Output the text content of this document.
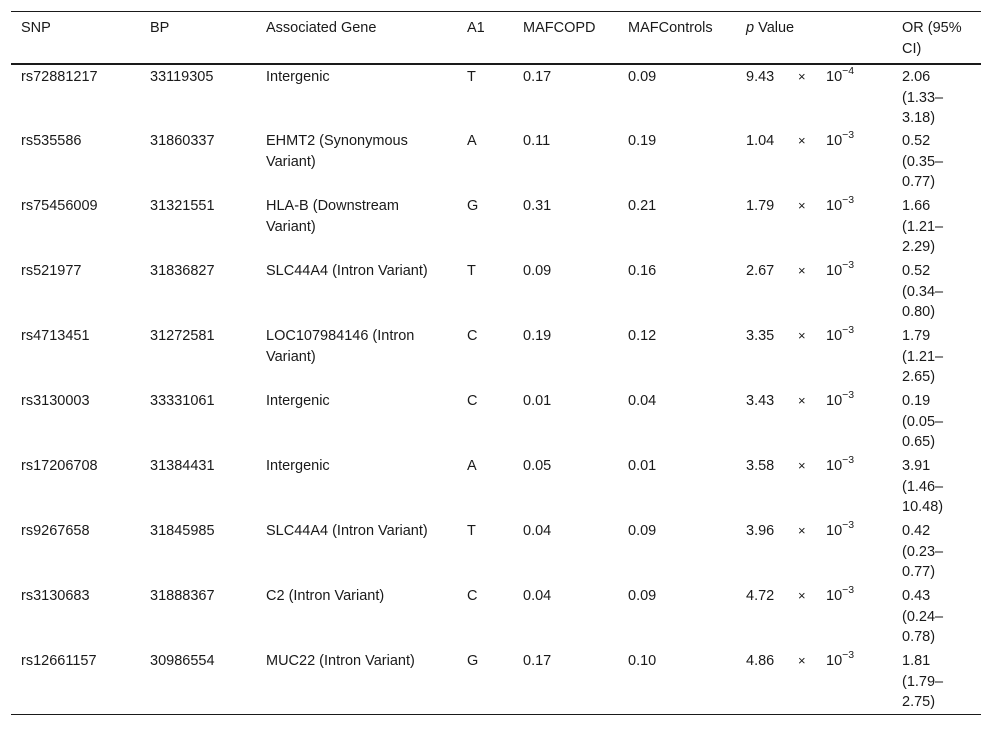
SNP	BP	Associated Gene	A1	MAFCOPD	MAFControls	p Value	OR (95% CI)
rs72881217	33119305	Intergenic	T	0.17	0.09	$9.43 \times 10^{-4}$	2.06 (1.33–3.18)
rs535586	31860337	EHMT2 (Synonymous Variant)	A	0.11	0.19	$1.04 \times 10^{-3}$	0.52 (0.35–0.77)
rs75456009	31321551	HLA-B (Downstream Variant)	G	0.31	0.21	$1.79 \times 10^{-3}$	1.66 (1.21–2.29)
rs521977	31836827	SLC44A4 (Intron Variant)	T	0.09	0.16	$2.67 \times 10^{-3}$	0.52 (0.34–0.80)
rs4713451	31272581	LOC107984146 (Intron Variant)	C	0.19	0.12	$3.35 \times 10^{-3}$	1.79 (1.21–2.65)
rs3130003	33331061	Intergenic	C	0.01	0.04	$3.43 \times 10^{-3}$	0.19 (0.05–0.65)
rs17206708	31384431	Intergenic	A	0.05	0.01	$3.58 \times 10^{-3}$	3.91 (1.46–10.48)
rs9267658	31845985	SLC44A4 (Intron Variant)	T	0.04	0.09	$3.96 \times 10^{-3}$	0.42 (0.23–0.77)
rs3130683	31888367	C2 (Intron Variant)	C	0.04	0.09	$4.72 \times 10^{-3}$	0.43 (0.24–0.78)
rs12661157	30986554	MUC22 (Intron Variant)	G	0.17	0.10	$4.86 \times 10^{-3}$	1.81 (1.79–2.75)
